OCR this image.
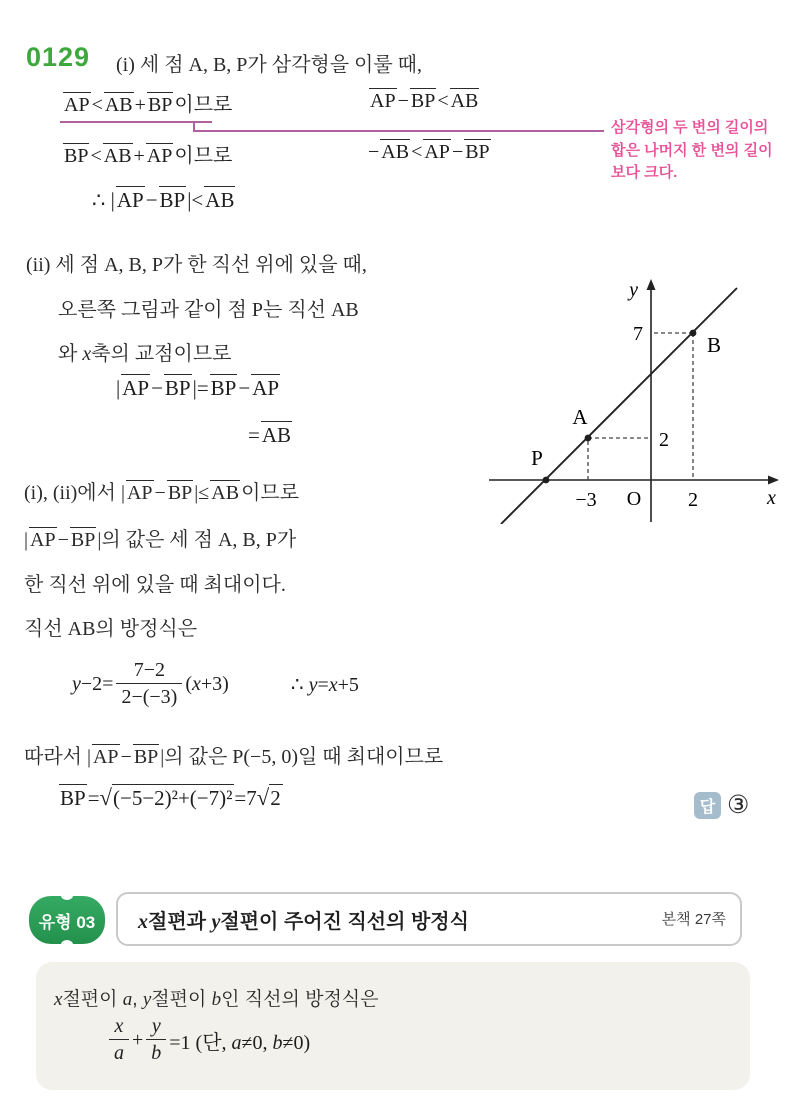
0129 (i) 세 점 A, B, P가 삼각형을 이룰 때,
AP < AB + BP 이므로	AP − BP < AB
BP < AB + AP 이므로	− AB < AP − BP
삼각형의 두 변의 길이의 합은 나머지 한 변의 길이 보다 크다.
∴ |AP−BP|<AB
(ii) 세 점 A, B, P가 한 직선 위에 있을 때,
오른쪽 그림과 같이 점 P는 직선 AB
와 x축의 교점이므로
|AP−BP|=BP−AP
=AB
y
x
O
−3	2
7
2
P
A
B
(i), (ii)에서 | AP − BP |≤ AB 이므로
| AP − BP |의 값은 세 점 A, B, P가
한 직선 위에 있을 때 최대이다.
직선 AB의 방정식은
$y-2= \frac{7-2}{2-(-3)} (x+3)$	∴ y=x+5
따라서 | AP − BP |의 값은 P(−5, 0)일 때 최대이므로
BP=√(−5−2)²+(−7)²=7√2	답 ③
유형 03	x절편과 y절편이 주어진 직선의 방정식	본책 27쪽
x절편이 a, y절편이 b인 직선의 방정식은
$\frac{x}{a} + \frac{y}{b} =1$ (단, a≠0, b≠0)
